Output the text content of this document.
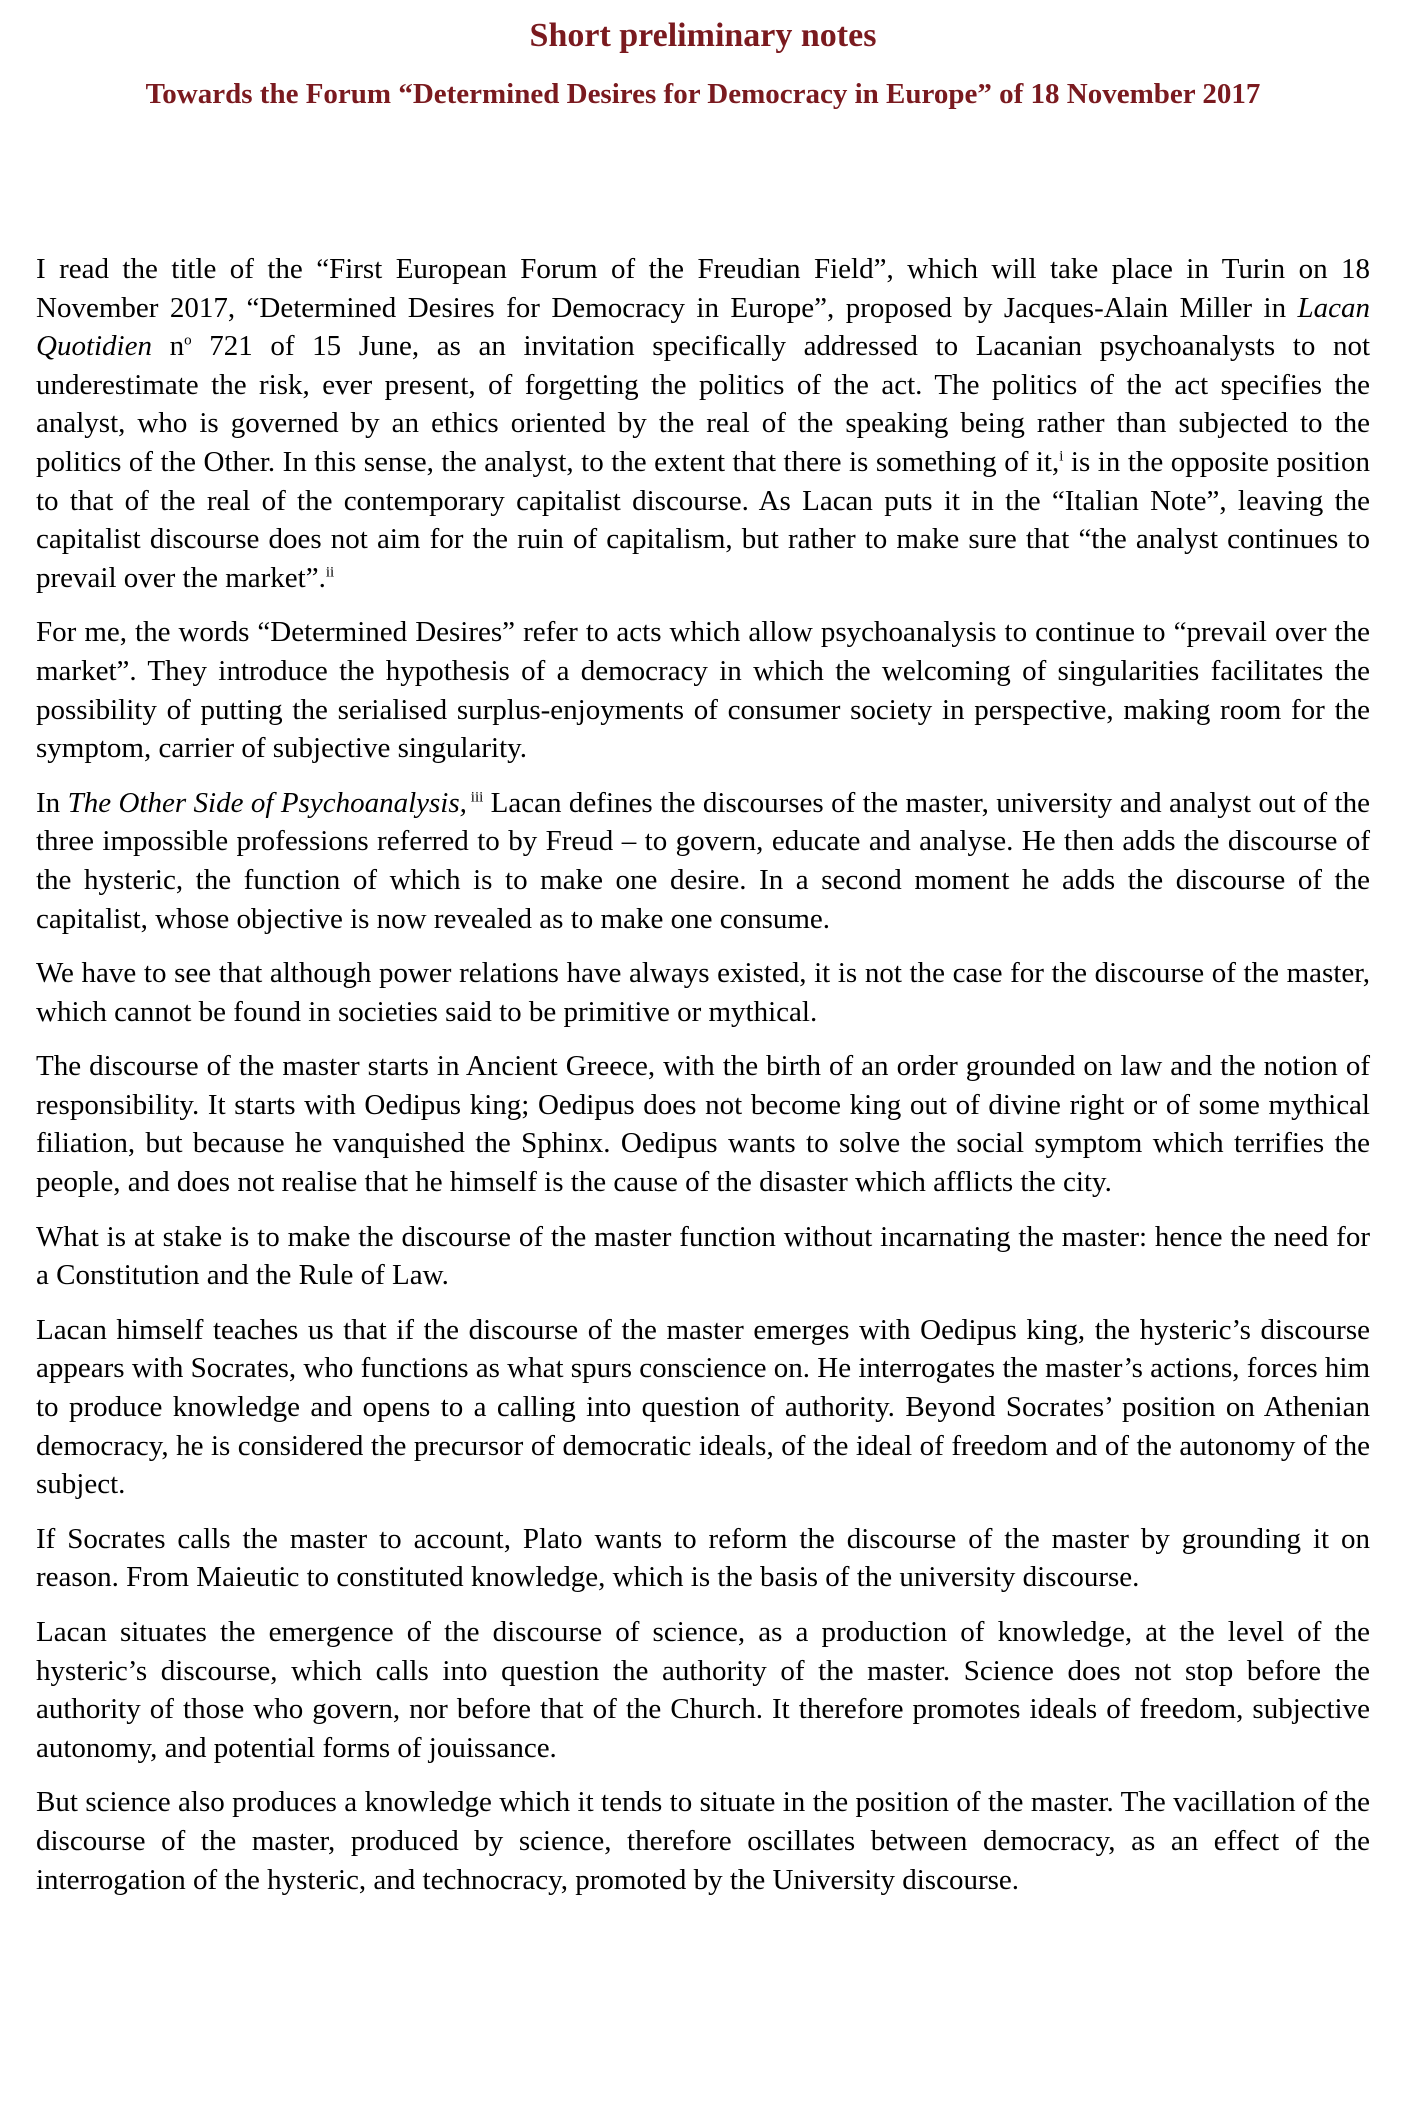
Short preliminary notes
Towards the Forum “Determined Desires for Democracy in Europe” of 18 November 2017

I read the title of the “First European Forum of the Freudian Field”, which will take place in Turin on 18 November 2017, “Determined Desires for Democracy in Europe”, proposed by Jacques-Alain Miller in Lacan Quotidien $n^o$ 721 of 15 June, as an invitation specifically addressed to Lacanian psychoanalysts to not underestimate the risk, ever present, of forgetting the politics of the act. The politics of the act specifies the analyst, who is governed by an ethics oriented by the real of the speaking being rather than subjected to the politics of the Other. In this sense, the analyst, to the extent that there is something of it,$^i$ is in the opposite position to that of the real of the contemporary capitalist discourse. As Lacan puts it in the “Italian Note”, leaving the capitalist discourse does not aim for the ruin of capitalism, but rather to make sure that “the analyst continues to prevail over the market”.$^{ii}$

For me, the words “Determined Desires” refer to acts which allow psychoanalysis to continue to “prevail over the market”. They introduce the hypothesis of a democracy in which the welcoming of singularities facilitates the possibility of putting the serialised surplus-enjoyments of consumer society in perspective, making room for the symptom, carrier of subjective singularity.

In The Other Side of Psychoanalysis, $^{iii}$ Lacan defines the discourses of the master, university and analyst out of the three impossible professions referred to by Freud – to govern, educate and analyse. He then adds the discourse of the hysteric, the function of which is to make one desire. In a second moment he adds the discourse of the capitalist, whose objective is now revealed as to make one consume.

We have to see that although power relations have always existed, it is not the case for the discourse of the master, which cannot be found in societies said to be primitive or mythical.

The discourse of the master starts in Ancient Greece, with the birth of an order grounded on law and the notion of responsibility. It starts with Oedipus king; Oedipus does not become king out of divine right or of some mythical filiation, but because he vanquished the Sphinx. Oedipus wants to solve the social symptom which terrifies the people, and does not realise that he himself is the cause of the disaster which afflicts the city.

What is at stake is to make the discourse of the master function without incarnating the master: hence the need for a Constitution and the Rule of Law.

Lacan himself teaches us that if the discourse of the master emerges with Oedipus king, the hysteric’s discourse appears with Socrates, who functions as what spurs conscience on. He interrogates the master’s actions, forces him to produce knowledge and opens to a calling into question of authority. Beyond Socrates’ position on Athenian democracy, he is considered the precursor of democratic ideals, of the ideal of freedom and of the autonomy of the subject.

If Socrates calls the master to account, Plato wants to reform the discourse of the master by grounding it on reason. From Maieutic to constituted knowledge, which is the basis of the university discourse.

Lacan situates the emergence of the discourse of science, as a production of knowledge, at the level of the hysteric’s discourse, which calls into question the authority of the master. Science does not stop before the authority of those who govern, nor before that of the Church. It therefore promotes ideals of freedom, subjective autonomy, and potential forms of jouissance.

But science also produces a knowledge which it tends to situate in the position of the master. The vacillation of the discourse of the master, produced by science, therefore oscillates between democracy, as an effect of the interrogation of the hysteric, and technocracy, promoted by the University discourse.
